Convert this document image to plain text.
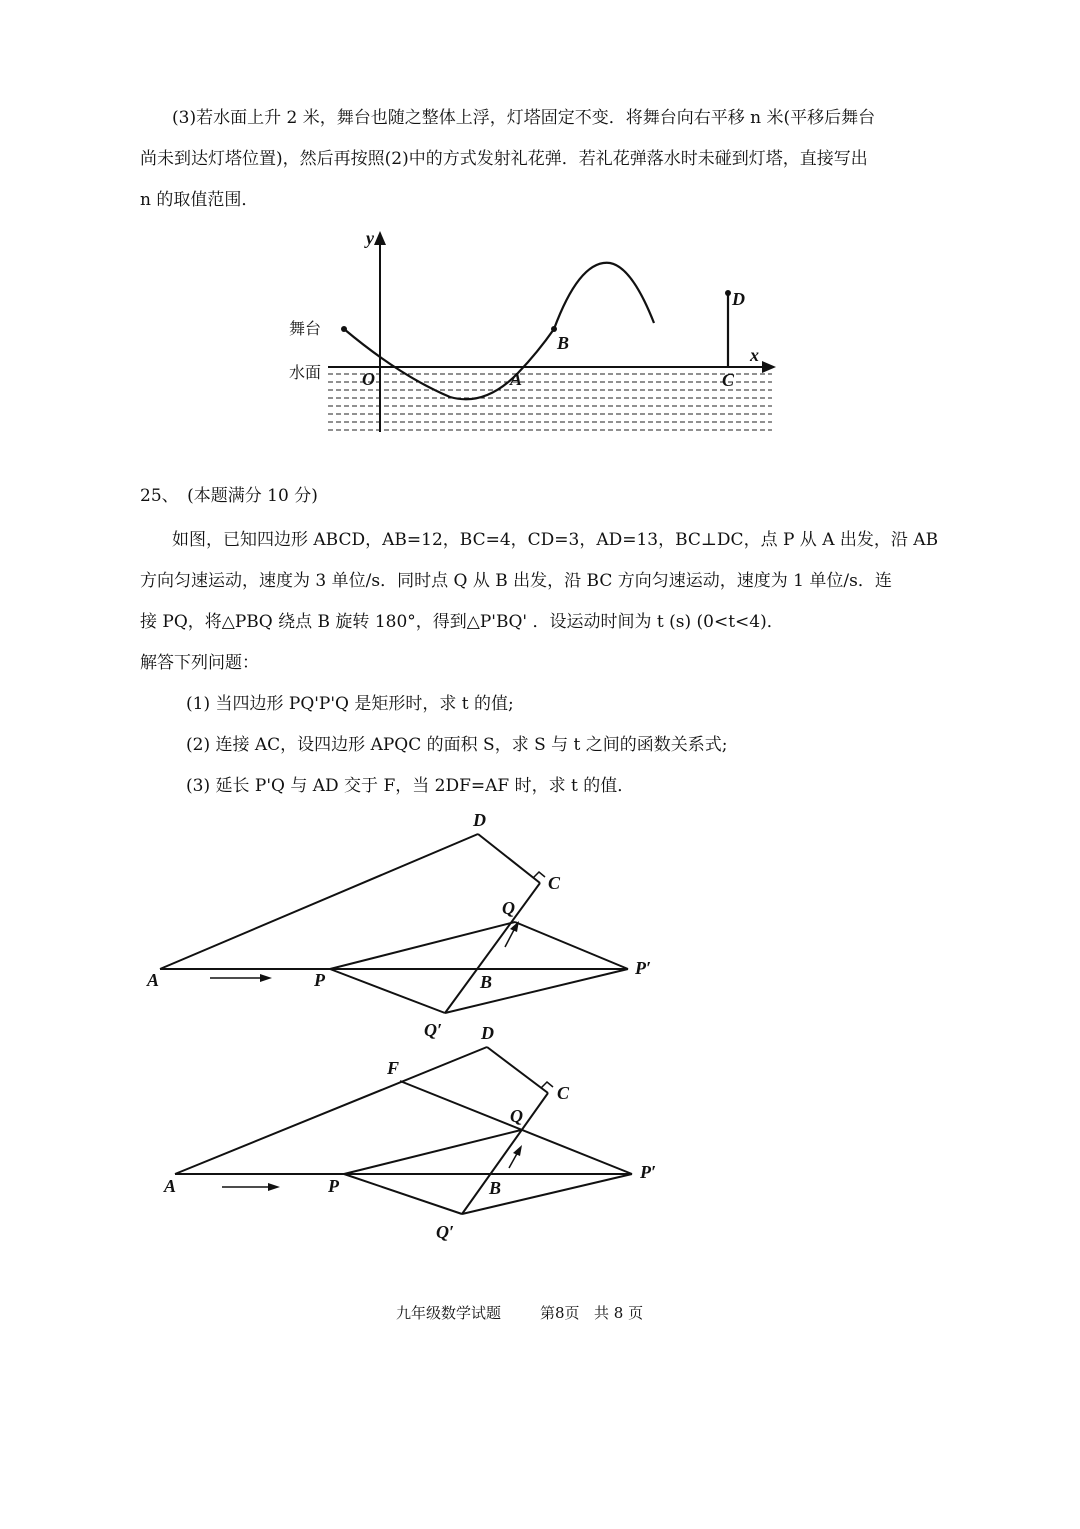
(3)若水面上升 2 米，舞台也随之整体上浮，灯塔固定不变．将舞台向右平移 n 米(平移后舞台
尚未到达灯塔位置)，然后再按照(2)中的方式发射礼花弹．若礼花弹落水时未碰到灯塔，直接写出
n 的取值范围．
y
x
舞台
水面 O	A
B
C
D
25、　(本题满分 10 分)
如图，已知四边形 ABCD，AB=12，BC=4，CD=3，AD=13，BC⊥DC，点 P 从 A 出发，沿 AB
方向匀速运动，速度为 3 单位/s．同时点 Q 从 B 出发，沿 BC 方向匀速运动，速度为 1 单位/s．连
接 PQ，将△PBQ 绕点 B 旋转 180°，得到△P'BQ' ．设运动时间为 t (s) (0<t<4)．
解答下列问题：
(1) 当四边形 PQ'P'Q 是矩形时，求 t 的值;
(2) 连接 AC，设四边形 APQC 的面积 S，求 S 与 t 之间的函数关系式;
(3) 延长 P'Q 与 AD 交于 F，当 2DF=AF 时，求 t 的值．
D
C
Q
A	P	B
P′
Q′ D
F
C
Q
A	P	B
P′
Q′
九年级数学试题	第8页 共 8 页
